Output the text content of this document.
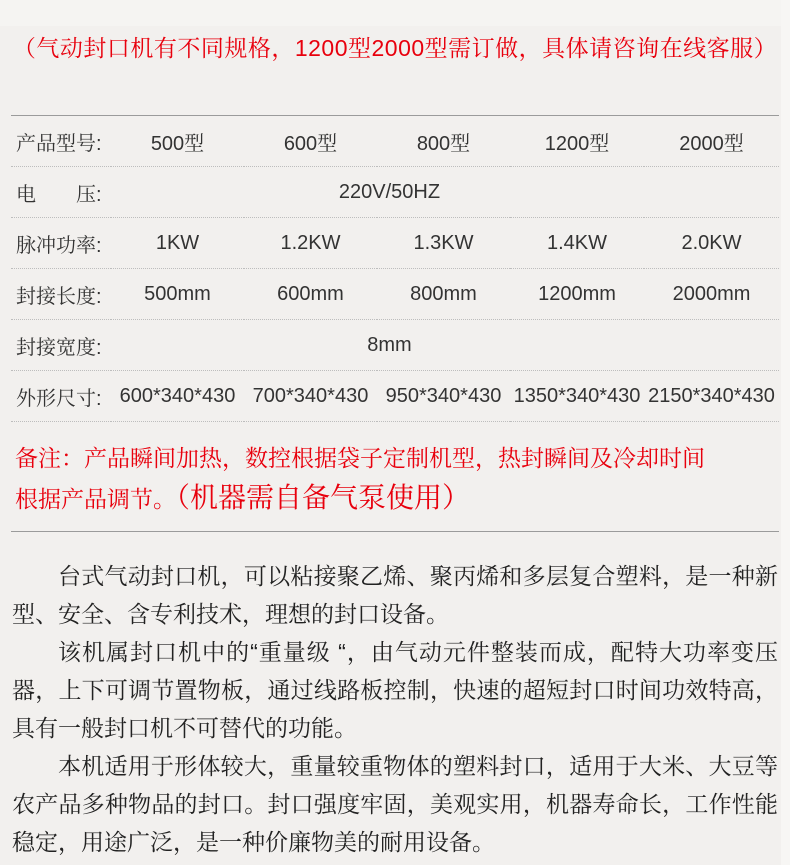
（气动封口机有不同规格，1200型2000型需订做，具体请咨询在线客服）
产品型号:	500型	600型	800型	1200型	2000型
电　　压:	220V/50HZ				
脉冲功率:	1KW	1.2KW	1.3KW	1.4KW	2.0KW
封接长度:	500mm	600mm	800mm	1200mm	2000mm
封接宽度:	8mm				
外形尺寸:	600*340*430	700*340*430	950*340*430	1350*340*430	2150*340*430
备注：产品瞬间加热，数控根据袋子定制机型，热封瞬间及冷却时间
根据产品调节。（机器需自备气泵使用）

台式气动封口机，可以粘接聚乙烯、聚丙烯和多层复合塑料，是一种新型、安全、含专利技术，理想的封口设备。

该机属封口机中的“重量级 “，由气动元件整装而成，配特大功率变压器，上下可调节置物板，通过线路板控制，快速的超短封口时间功效特高，具有一般封口机不可替代的功能。

本机适用于形体较大，重量较重物体的塑料封口，适用于大米、大豆等农产品多种物品的封口。封口强度牢固，美观实用，机器寿命长，工作性能稳定，用途广泛，是一种价廉物美的耐用设备。
